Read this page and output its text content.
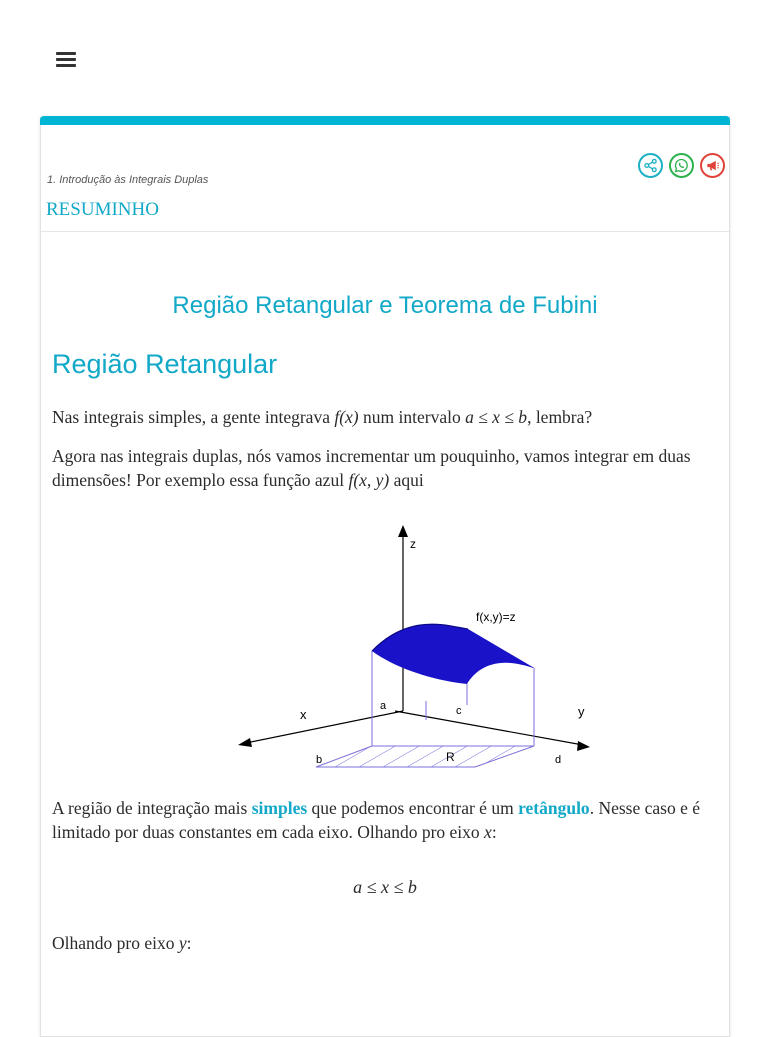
1. Introdução às Integrais Duplas
RESUMINHO
Região Retangular e Teorema de Fubini
Região Retangular
Nas integrais simples, a gente integrava f(x) num intervalo a ≤ x ≤ b, lembra?
Agora nas integrais duplas, nós vamos incrementar um pouquinho, vamos integrar em duas dimensões! Por exemplo essa função azul f(x, y) aqui
z
x	y
f(x,y)=z
a
b
c
d
R
A região de integração mais simples que podemos encontrar é um retângulo. Nesse caso e é limitado por duas constantes em cada eixo. Olhando pro eixo x:
a ≤ x ≤ b
Olhando pro eixo y:
